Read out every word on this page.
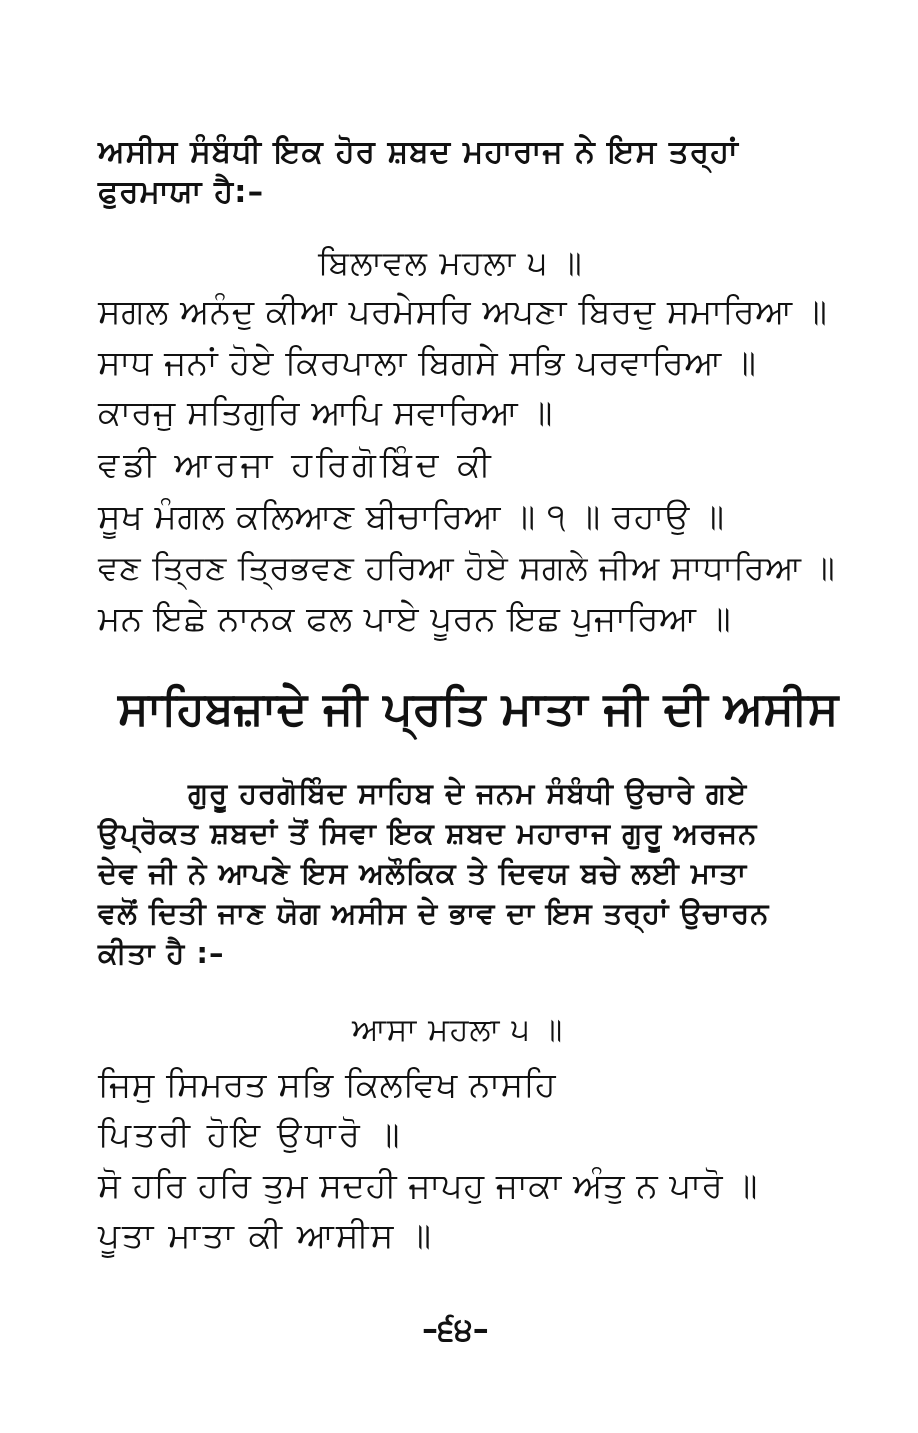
ਅਸੀਸ ਸੰਬੰਧੀ ਇਕ ਹੋਰ ਸ਼ਬਦ ਮਹਾਰਾਜ ਨੇ ਇਸ ਤਰ੍ਹਾਂ
ਫੁਰਮਾਯਾ ਹੈ:–
ਬਿਲਾਵਲ ਮਹਲਾ ੫ ॥
ਸਗਲ ਅਨੰਦੁ ਕੀਆ ਪਰਮੇਸਰਿ ਅਪਣਾ ਬਿਰਦੁ ਸਮਾਰਿਆ ॥
ਸਾਧ ਜਨਾਂ ਹੋਏ ਕਿਰਪਾਲਾ ਬਿਗਸੇ ਸਭਿ ਪਰਵਾਰਿਆ ॥
ਕਾਰਜੁ ਸਤਿਗੁਰਿ ਆਪਿ ਸਵਾਰਿਆ ॥
ਵਡੀ ਆਰਜਾ ਹਰਿਗੋਬਿੰਦ ਕੀ
ਸੂਖ ਮੰਗਲ ਕਲਿਆਣ ਬੀਚਾਰਿਆ ॥ ੧ ॥ ਰਹਾਉ ॥
ਵਣ ਤ੍ਰਿਣ ਤ੍ਰਿਭਵਣ ਹਰਿਆ ਹੋਏ ਸਗਲੇ ਜੀਅ ਸਾਧਾਰਿਆ ॥
ਮਨ ਇਛੇ ਨਾਨਕ ਫਲ ਪਾਏ ਪੂਰਨ ਇਛ ਪੁਜਾਰਿਆ ॥
ਸਾਹਿਬਜ਼ਾਦੇ ਜੀ ਪ੍ਰਤਿ ਮਾਤਾ ਜੀ ਦੀ ਅਸੀਸ
ਗੁਰੂ ਹਰਗੋਬਿੰਦ ਸਾਹਿਬ ਦੇ ਜਨਮ ਸੰਬੰਧੀ ਉਚਾਰੇ ਗਏ
ਉਪ੍ਰੋਕਤ ਸ਼ਬਦਾਂ ਤੋਂ ਸਿਵਾ ਇਕ ਸ਼ਬਦ ਮਹਾਰਾਜ ਗੁਰੂ ਅਰਜਨ
ਦੇਵ ਜੀ ਨੇ ਆਪਣੇ ਇਸ ਅਲੌਕਿਕ ਤੇ ਦਿਵਯ ਬਚੇ ਲਈ ਮਾਤਾ
ਵਲੋਂ ਦਿਤੀ ਜਾਣ ਯੋਗ ਅਸੀਸ ਦੇ ਭਾਵ ਦਾ ਇਸ ਤਰ੍ਹਾਂ ਉਚਾਰਨ
ਕੀਤਾ ਹੈ :–
ਆਸਾ ਮਹਲਾ ੫ ॥
ਜਿਸੁ ਸਿਮਰਤ ਸਭਿ ਕਿਲਵਿਖ ਨਾਸਹਿ
ਪਿਤਰੀ ਹੋਇ ਉਧਾਰੋ ॥
ਸੋ ਹਰਿ ਹਰਿ ਤੁਮ ਸਦਹੀ ਜਾਪਹੁ ਜਾਕਾ ਅੰਤੁ ਨ ਪਾਰੋ ॥
ਪੂਤਾ ਮਾਤਾ ਕੀ ਆਸੀਸ ॥
–੬੪–
